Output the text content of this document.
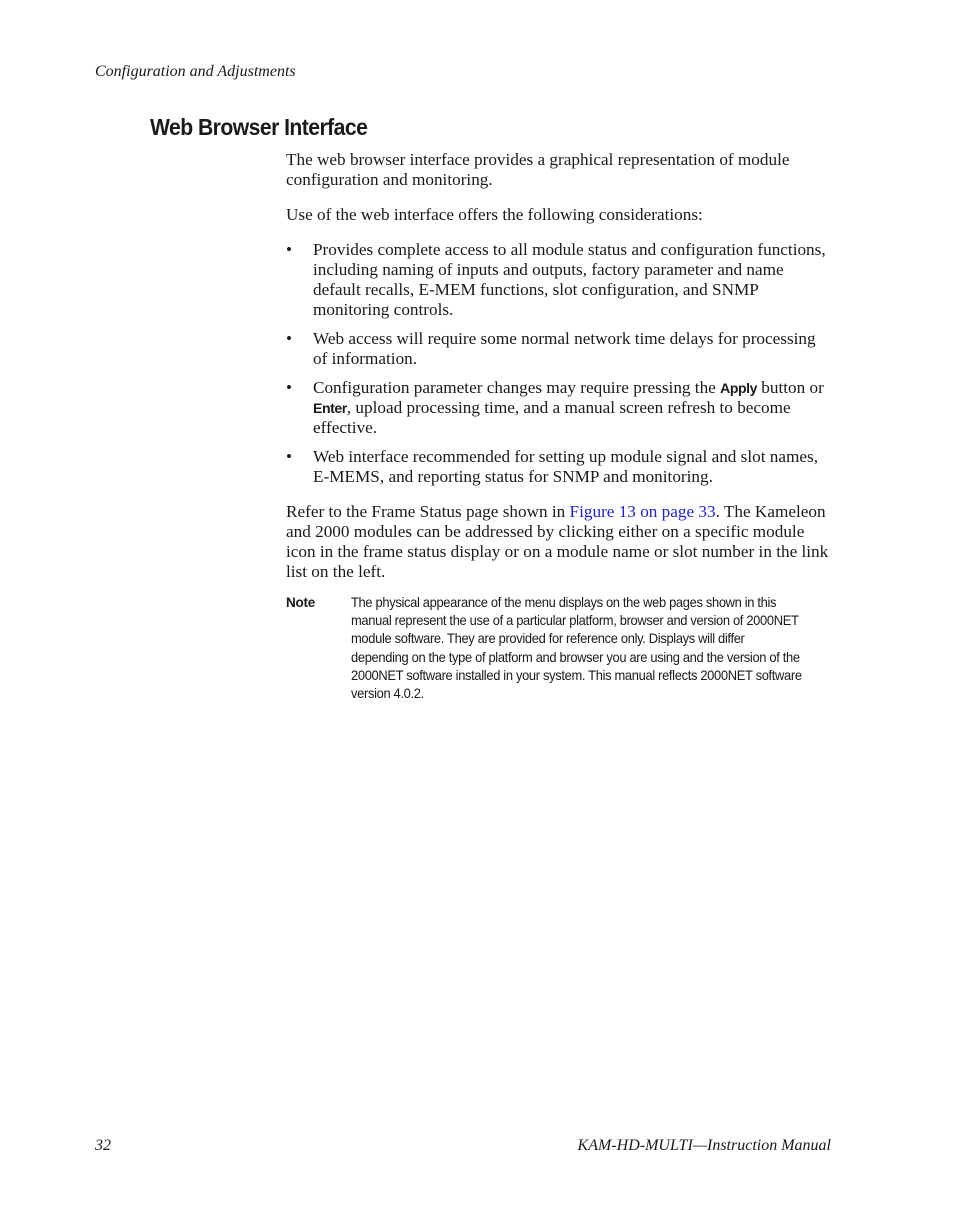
Configuration and Adjustments
Web Browser Interface

The web browser interface provides a graphical representation of module configuration and monitoring.

Use of the web interface offers the following considerations:

• Provides complete access to all module status and configuration functions, including naming of inputs and outputs, factory parameter and name default recalls, E-MEM functions, slot configuration, and SNMP monitoring controls.
• Web access will require some normal network time delays for processing of information.
• Configuration parameter changes may require pressing the Apply button or Enter, upload processing time, and a manual screen refresh to become effective.
• Web interface recommended for setting up module signal and slot names, E-MEMS, and reporting status for SNMP and monitoring.

Refer to the Frame Status page shown in Figure 13 on page 33. The Kameleon and 2000 modules can be addressed by clicking either on a specific module icon in the frame status display or on a module name or slot number in the link list on the left.

Note	The physical appearance of the menu displays on the web pages shown in this manual represent the use of a particular platform, browser and version of 2000NET module software. They are provided for reference only. Displays will differ depending on the type of platform and browser you are using and the version of the 2000NET software installed in your system. This manual reflects 2000NET software version 4.0.2.
32	KAM-HD-MULTI—Instruction Manual
